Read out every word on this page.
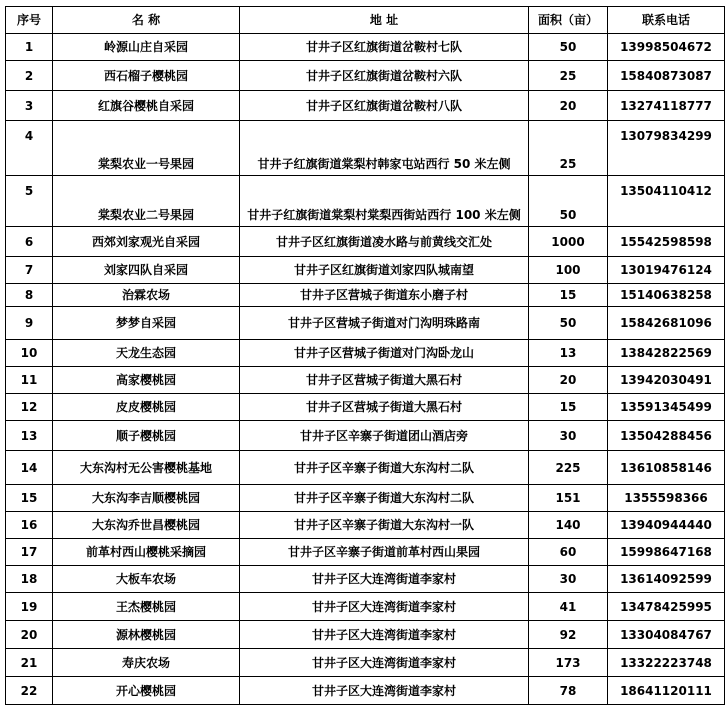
序号	名 称	地 址	面积（亩）	联系电话
1	岭源山庄自采园	甘井子区红旗街道岔鞍村七队	50	13998504672
2	西石榴子樱桃园	甘井子区红旗街道岔鞍村六队	25	15840873087
3	红旗谷樱桃自采园	甘井子区红旗街道岔鞍村八队	20	13274118777
4	棠梨农业一号果园	甘井子红旗街道棠梨村韩家屯站西行 50 米左侧	25	13079834299
5	棠梨农业二号果园	甘井子红旗街道棠梨村棠梨西街站西行 100 米左侧	50	13504110412
6	西郊刘家观光自采园	甘井子区红旗街道凌水路与前黄线交汇处	1000	15542598598
7	刘家四队自采园	甘井子区红旗街道刘家四队城南望	100	13019476124
8	治霖农场	甘井子区营城子街道东小磨子村	15	15140638258
9	梦梦自采园	甘井子区营城子街道对门沟明珠路南	50	15842681096
10	天龙生态园	甘井子区营城子街道对门沟卧龙山	13	13842822569
11	高家樱桃园	甘井子区营城子街道大黑石村	20	13942030491
12	皮皮樱桃园	甘井子区营城子街道大黑石村	15	13591345499
13	顺子樱桃园	甘井子区辛寨子街道团山酒店旁	30	13504288456
14	大东沟村无公害樱桃基地	甘井子区辛寨子街道大东沟村二队	225	13610858146
15	大东沟李吉顺樱桃园	甘井子区辛寨子街道大东沟村二队	151	1355598366
16	大东沟乔世昌樱桃园	甘井子区辛寨子街道大东沟村一队	140	13940944440
17	前革村西山樱桃采摘园	甘井子区辛寨子街道前革村西山果园	60	15998647168
18	大板车农场	甘井子区大连湾街道李家村	30	13614092599
19	王杰樱桃园	甘井子区大连湾街道李家村	41	13478425995
20	源林樱桃园	甘井子区大连湾街道李家村	92	13304084767
21	寿庆农场	甘井子区大连湾街道李家村	173	13322223748
22	开心樱桃园	甘井子区大连湾街道李家村	78	18641120111
